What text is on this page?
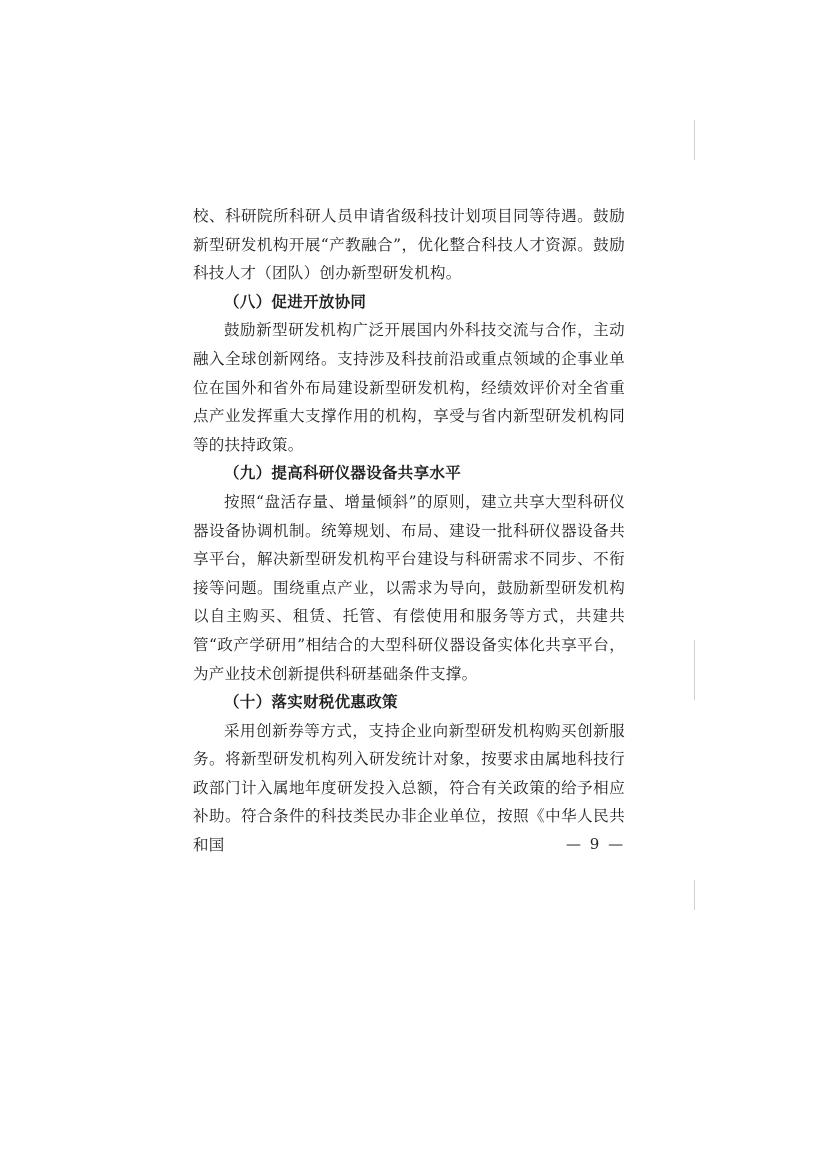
校、科研院所科研人员申请省级科技计划项目同等待遇。鼓励新型研发机构开展“产教融合”，优化整合科技人才资源。鼓励科技人才（团队）创办新型研发机构。

（八）促进开放协同

鼓励新型研发机构广泛开展国内外科技交流与合作，主动融入全球创新网络。支持涉及科技前沿或重点领域的企事业单位在国外和省外布局建设新型研发机构，经绩效评价对全省重点产业发挥重大支撑作用的机构，享受与省内新型研发机构同等的扶持政策。

（九）提高科研仪器设备共享水平

按照“盘活存量、增量倾斜”的原则，建立共享大型科研仪器设备协调机制。统筹规划、布局、建设一批科研仪器设备共享平台，解决新型研发机构平台建设与科研需求不同步、不衔接等问题。围绕重点产业，以需求为导向，鼓励新型研发机构以自主购买、租赁、托管、有偿使用和服务等方式，共建共管“政产学研用”相结合的大型科研仪器设备实体化共享平台，为产业技术创新提供科研基础条件支撑。

（十）落实财税优惠政策

采用创新券等方式，支持企业向新型研发机构购买创新服务。将新型研发机构列入研发统计对象，按要求由属地科技行政部门计入属地年度研发投入总额，符合有关政策的给予相应补助。符合条件的科技类民办非企业单位，按照《中华人民共和国	— 9 —
